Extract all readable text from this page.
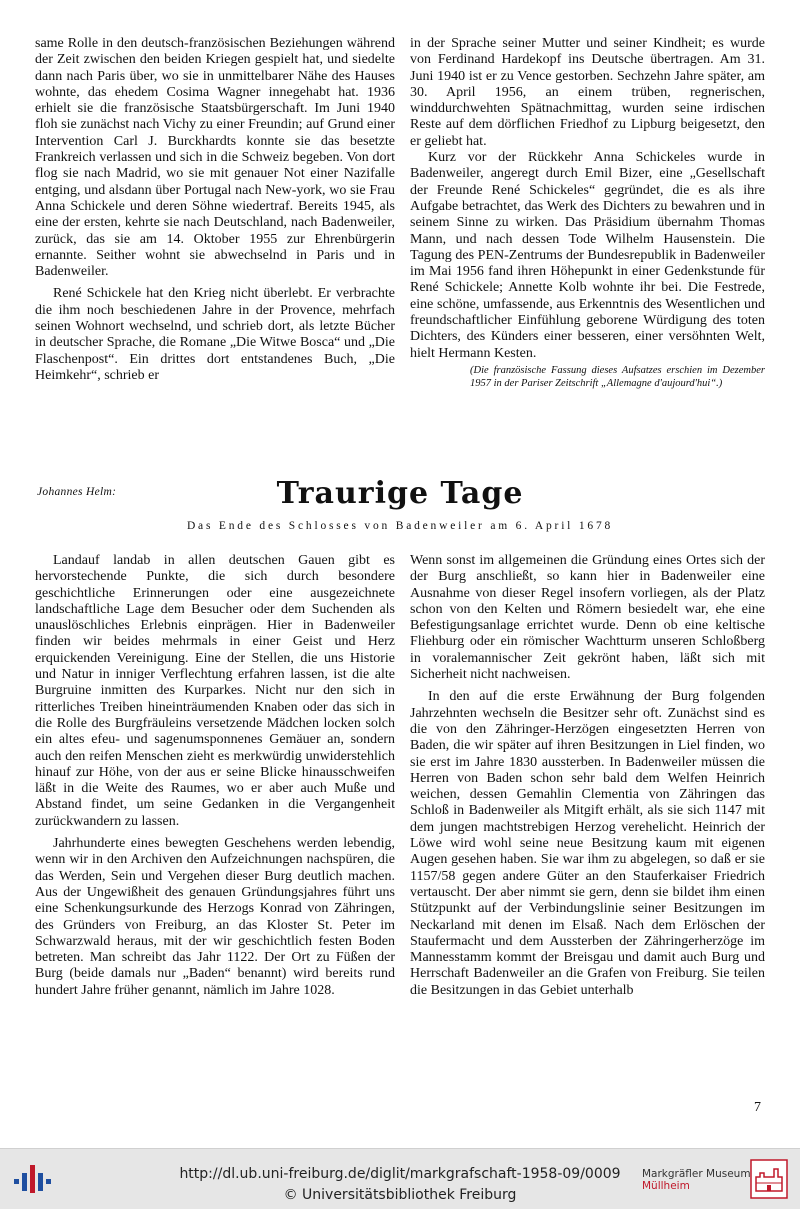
same Rolle in den deutsch-französischen Beziehungen während der Zeit zwischen den beiden Kriegen gespielt hat, und siedelte dann nach Paris über, wo sie in unmittelbarer Nähe des Hauses wohnte, das ehedem Cosima Wagner innegehabt hat. 1936 erhielt sie die französische Staatsbürgerschaft. Im Juni 1940 floh sie zunächst nach Vichy zu einer Freundin; auf Grund einer Intervention Carl J. Burckhardts konnte sie das besetzte Frankreich verlassen und sich in die Schweiz begeben. Von dort flog sie nach Madrid, wo sie mit genauer Not einer Nazifalle entging, und alsdann über Portugal nach New-york, wo sie Frau Anna Schickele und deren Söhne wiedertraf. Bereits 1945, als eine der ersten, kehrte sie nach Deutschland, nach Badenweiler, zurück, das sie am 14. Oktober 1955 zur Ehrenbürgerin ernannte. Seither wohnt sie abwechselnd in Paris und in Badenweiler.

René Schickele hat den Krieg nicht überlebt. Er verbrachte die ihm noch beschiedenen Jahre in der Provence, mehrfach seinen Wohnort wechselnd, und schrieb dort, als letzte Bücher in deutscher Sprache, die Romane „Die Witwe Bosca“ und „Die Flaschenpost“. Ein drittes dort entstandenes Buch, „Die Heimkehr“, schrieb er

in der Sprache seiner Mutter und seiner Kindheit; es wurde von Ferdinand Hardekopf ins Deutsche übertragen. Am 31. Juni 1940 ist er zu Vence gestorben. Sechzehn Jahre später, am 30. April 1956, an einem trüben, regnerischen, winddurchwehten Spätnachmittag, wurden seine irdischen Reste auf dem dörflichen Friedhof zu Lipburg beigesetzt, den er geliebt hat.

Kurz vor der Rückkehr Anna Schickeles wurde in Badenweiler, angeregt durch Emil Bizer, eine „Gesellschaft der Freunde René Schickeles“ gegründet, die es als ihre Aufgabe betrachtet, das Werk des Dichters zu bewahren und in seinem Sinne zu wirken. Das Präsidium übernahm Thomas Mann, und nach dessen Tode Wilhelm Hausenstein. Die Tagung des PEN-Zentrums der Bundesrepublik in Badenweiler im Mai 1956 fand ihren Höhepunkt in einer Gedenkstunde für René Schickele; Annette Kolb wohnte ihr bei. Die Festrede, eine schöne, umfassende, aus Erkenntnis des Wesentlichen und freundschaftlicher Einfühlung geborene Würdigung des toten Dichters, des Künders einer besseren, einer versöhnten Welt, hielt Hermann Kesten.

(Die französische Fassung dieses Aufsatzes erschien im Dezember 1957 in der Pariser Zeitschrift „Allemagne d'aujourd'hui“.)

Johannes Helm:	Traurige Tage
Das Ende des Schlosses von Badenweiler am 6. April 1678

Landauf landab in allen deutschen Gauen gibt es hervorstechende Punkte, die sich durch besondere geschichtliche Erinnerungen oder eine ausgezeichnete landschaftliche Lage dem Besucher oder dem Suchenden als unauslöschliches Erlebnis einprägen. Hier in Badenweiler finden wir beides mehrmals in einer Geist und Herz erquickenden Vereinigung. Eine der Stellen, die uns Historie und Natur in inniger Verflechtung erfahren lassen, ist die alte Burgruine inmitten des Kurparkes. Nicht nur den sich in ritterliches Treiben hineinträumenden Knaben oder das sich in die Rolle des Burgfräuleins versetzende Mädchen locken solch ein altes efeu- und sagenumsponnenes Gemäuer an, sondern auch den reifen Menschen zieht es merkwürdig unwiderstehlich hinauf zur Höhe, von der aus er seine Blicke hinausschweifen läßt in die Weite des Raumes, wo er aber auch Muße und Abstand findet, um seine Gedanken in die Vergangenheit zurückwandern zu lassen.

Jahrhunderte eines bewegten Geschehens werden lebendig, wenn wir in den Archiven den Aufzeichnungen nachspüren, die das Werden, Sein und Vergehen dieser Burg deutlich machen. Aus der Ungewißheit des genauen Gründungsjahres führt uns eine Schenkungsurkunde des Herzogs Konrad von Zähringen, des Gründers von Freiburg, an das Kloster St. Peter im Schwarzwald heraus, mit der wir geschichtlich festen Boden betreten. Man schreibt das Jahr 1122. Der Ort zu Füßen der Burg (beide damals nur „Baden“ benannt) wird bereits rund hundert Jahre früher genannt, nämlich im Jahre 1028.

Wenn sonst im allgemeinen die Gründung eines Ortes sich der der Burg anschließt, so kann hier in Badenweiler eine Ausnahme von dieser Regel insofern vorliegen, als der Platz schon von den Kelten und Römern besiedelt war, ehe eine Befestigungsanlage errichtet wurde. Denn ob eine keltische Fliehburg oder ein römischer Wachtturm unseren Schloßberg in voralemannischer Zeit gekrönt haben, läßt sich mit Sicherheit nicht nachweisen.

In den auf die erste Erwähnung der Burg folgenden Jahrzehnten wechseln die Besitzer sehr oft. Zunächst sind es die von den Zähringer-Herzögen eingesetzten Herren von Baden, die wir später auf ihren Besitzungen in Liel finden, wo sie erst im Jahre 1830 aussterben. In Badenweiler müssen die Herren von Baden schon sehr bald dem Welfen Heinrich weichen, dessen Gemahlin Clementia von Zähringen das Schloß in Badenweiler als Mitgift erhält, als sie sich 1147 mit dem jungen machtstrebigen Herzog verehelicht. Heinrich der Löwe wird wohl seine neue Besitzung kaum mit eigenen Augen gesehen haben. Sie war ihm zu abgelegen, so daß er sie 1157/58 gegen andere Güter an den Stauferkaiser Friedrich vertauscht. Der aber nimmt sie gern, denn sie bildet ihm einen Stützpunkt auf der Verbindungslinie seiner Besitzungen im Neckarland mit denen im Elsaß. Nach dem Erlöschen der Staufermacht und dem Aussterben der Zähringerherzöge im Mannesstamm kommt der Breisgau und damit auch Burg und Herrschaft Badenweiler an die Grafen von Freiburg. Sie teilen die Besitzungen in das Gebiet unterhalb

7
http://dl.ub.uni-freiburg.de/diglit/markgrafschaft-1958-09/0009
© Universitätsbibliothek Freiburg
Markgräfler Museum
Müllheim
